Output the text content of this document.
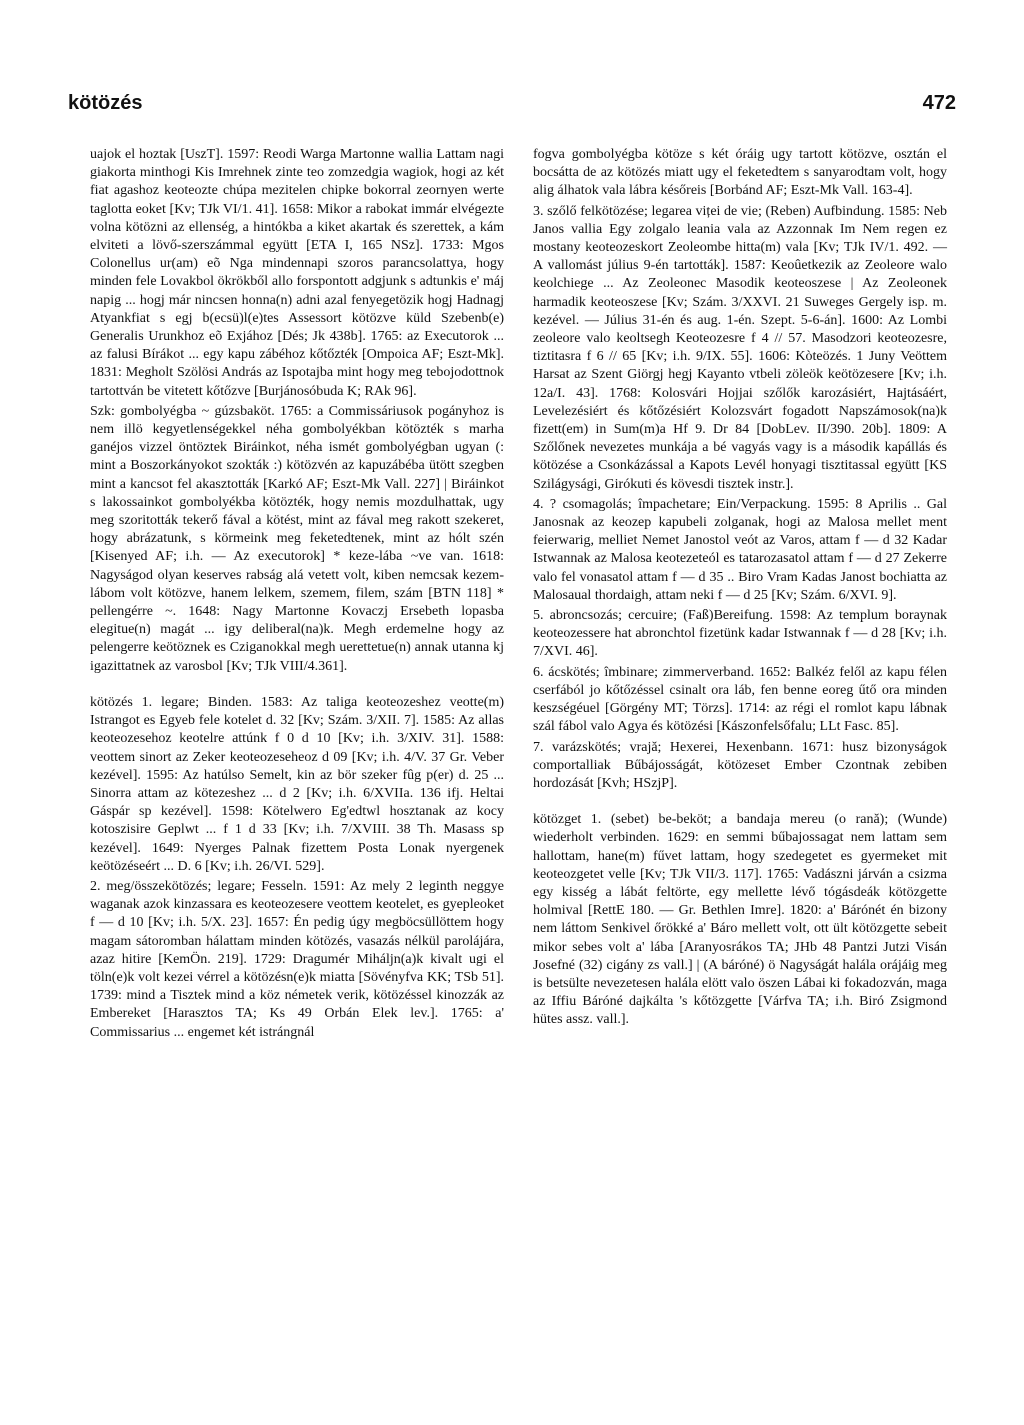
kötözés	472

uajok el hoztak [UszT]. 1597: Reodi Warga Martonne wallia Lattam nagi giakorta minthogi Kis Imrehnek zinte teo zomzedgia wagiok, hogi az két fiat agashoz keoteozte chúpa mezitelen chipke bokorral zeornyen werte taglotta eoket [Kv; TJk VI/1. 41]. 1658: Mikor a rabokat immár elvégezte volna kötözni az ellenség, a hintókba a kiket akartak és szerettek, a kám elviteti a lövő-szerszámmal együtt [ETA I, 165 NSz]. 1733: Mgos Colonellus ur(am) eõ Nga mindennapi szoros parancsolattya, hogy minden fele Lovakbol ökrökből allo forspontott adgjunk s adtunkis e' máj napig ... hogj már nincsen honna(n) adni azal fenyegetözik hogj Hadnagj Atyankfiat s egj b(ecsü)l(e)tes Assessort kötözve küld Szebenb(e) Generalis Urunkhoz eõ Exjához [Dés; Jk 438b]. 1765: az Executorok ... az falusi Bírákot ... egy kapu zábéhoz kőtőzték [Ompoica AF; Eszt-Mk]. 1831: Megholt Szölösi András az Ispotajba mint hogy meg tebojodottnok tartottván be vitetett kőtőzve [Burjánosóbuda K; RAk 96].

Szk: gombolyégba ~ gúzsbaköt. 1765: a Commissáriusok pogányhoz is nem illö kegyetlenségekkel néha gombolyékban kötözték s marha ganéjos vizzel öntöztek Biráinkot, néha ismét gombolyégban ugyan (: mint a Boszorkányokot szokták :) kötözvén az kapuzábéba ütött szegben mint a kancsot fel akasztották [Karkó AF; Eszt-Mk Vall. 227] | Biráinkot s lakossainkot gombolyékba kötözték, hogy nemis mozdulhattak, ugy meg szoritották tekerő fával a kötést, mint az fával meg rakott szekeret, hogy abrázatunk, s körmeink meg feketedtenek, mint az hólt szén [Kisenyed AF; i.h. — Az executorok] * keze-lába ~ve van. 1618: Nagyságod olyan keserves rabság alá vetett volt, kiben nemcsak kezem-lábom volt kötözve, hanem lelkem, szemem, filem, szám [BTN 118] * pellengérre ~. 1648: Nagy Martonne Kovaczj Ersebeth lopasba elegitue(n) magát ... igy deliberal(na)k. Megh erdemelne hogy az pelengerre keötöznek es Cziganokkal megh uerettetue(n) annak utanna kj igazittatnek az varosbol [Kv; TJk VIII/4.361].

kötözés 1. legare; Binden. 1583: Az taliga keoteozeshez veotte(m) Istrangot es Egyeb fele kotelet d. 32 [Kv; Szám. 3/XII. 7]. 1585: Az allas keoteozesehoz keotelre attúnk f 0 d 10 [Kv; i.h. 3/XIV. 31]. 1588: veottem sinort az Zeker keoteozeseheoz d 09 [Kv; i.h. 4/V. 37 Gr. Veber kezével]. 1595: Az hatúlso Semelt, kin az bör szeker fûg p(er) d. 25 ... Sinorra attam az kötezeshez ... d 2 [Kv; i.h. 6/XVIIa. 136 ifj. Heltai Gáspár sp kezével]. 1598: Kötelwero Eg'edtwl hosztanak az kocy kotoszisire Geplwt ... f 1 d 33 [Kv; i.h. 7/XVIII. 38 Th. Masass sp kezével]. 1649: Nyerges Palnak fizettem Posta Lonak nyergenek keötözéseért ... D. 6 [Kv; i.h. 26/VI. 529].

2. meg/összekötözés; legare; Fesseln. 1591: Az mely 2 leginth neggye waganak azok kinzassara es keoteozesere veottem keotelet, es gyepleoket f — d 10 [Kv; i.h. 5/X. 23]. 1657: Én pedig úgy megböcsüllöttem hogy magam sátoromban hálattam minden kötözés, vasazás nélkül parolájára, azaz hitire [KemÖn. 219]. 1729: Dragumér Mihálјn(a)k kivalt ugi el töln(e)k volt kezei vérrel a kötözésn(e)k miatta [Sövényfva KK; TSb 51]. 1739: mind a Tisztek mind a köz németek verik, kötözéssel kinozzák az Embereket [Harasztos TA; Ks 49 Orbán Elek lev.]. 1765: a' Commissarius ... engemet két istrángnál

fogva gombolyégba kötöze s két óráig ugy tartott kötözve, osztán el bocsátta de az kötözés miatt ugy el feketedtem s sanyarodtam volt, hogy alig álhatok vala lábra későreis [Borbánd AF; Eszt-Mk Vall. 163-4].

3. szőlő felkötözése; legarea viței de vie; (Reben) Aufbindung. 1585: Neb Janos vallia Egy zolgalo leania vala az Azzonnak Im Nem regen ez mostany keoteozeskort Zeoleombe hitta(m) vala [Kv; TJk IV/1. 492. — A vallomást július 9-én tartották]. 1587: Keoûetkezik az Zeoleore walo keolchiege ... Az Zeoleonec Masodik keoteoszese | Az Zeoleonek harmadik keoteoszese [Kv; Szám. 3/XXVI. 21 Suweges Gergely isp. m. kezével. — Július 31-én és aug. 1-én. Szept. 5-6-án]. 1600: Az Lombi zeoleore valo keoltsegh Keoteozesre f 4 // 57. Masodzori keoteozesre, tiztitasra f 6 // 65 [Kv; i.h. 9/IX. 55]. 1606: Kòteözés. 1 Juny Veöttem Harsat az Szent Giörgj hegj Kayanto vtbeli zöleök keötözesere [Kv; i.h. 12a/I. 43]. 1768: Kolosvári Hojjai szőlők karozásiért, Hajtásáért, Levelezésiért és kőtőzésiért Kolozsvárt fogadott Napszámosok(na)k fizett(em) in Sum(m)a Hf 9. Dr 84 [DobLev. II/390. 20b]. 1809: A Szőlőnek nevezetes munkája a bé vagyás vagy is a második kapállás és kötözése a Csonkázással a Kapots Levél honyagi tisztitassal együtt [KS Szilágysági, Girókuti és kövesdi tisztek instr.].

4. ? csomagolás; împachetare; Ein/Verpackung. 1595: 8 Aprilis .. Gal Janosnak az keozep kapubeli zolganak, hogi az Malosa mellet ment feierwarig, melliet Nemet Janostol veót az Varos, attam f — d 32 Kadar Istwannak az Malosa keotezeteól es tatarozasatol attam f — d 27 Zekerre valo fel vonasatol attam f — d 35 .. Biro Vram Kadas Janost bochiatta az Malosaual thordaigh, attam neki f — d 25 [Kv; Szám. 6/XVI. 9].

5. abroncsozás; cercuire; (Faß)Bereifung. 1598: Az templum boraynak keoteozessere hat abronchtol fizetünk kadar Istwannak f — d 28 [Kv; i.h. 7/XVI. 46].

6. ácskötés; îmbinare; zimmerverband. 1652: Balkéz felől az kapu félen cserfából jo kőtőzéssel csinalt ora láb, fen benne eoreg űtő ora minden keszségéuel [Görgény MT; Törzs]. 1714: az régi el romlot kapu lábnak szál fábol valo Agya és kötözési [Kászonfelsőfalu; LLt Fasc. 85].

7. varázskötés; vrajă; Hexerei, Hexenbann. 1671: husz bizonyságok comportalliak Bűbájosságát, kötözeset Ember Czontnak zebiben hordozását [Kvh; HSzjP].

kötözget 1. (sebet) be-beköt; a bandaja mereu (o rană); (Wunde) wiederholt verbinden. 1629: en semmi bűbajossagat nem lattam sem hallottam, hane(m) fűvet lattam, hogy szedegetet es gyermeket mit keoteozgetet velle [Kv; TJk VII/3. 117]. 1765: Vadászni járván a csizma egy kisség a lábát feltörte, egy mellette lévő tógásdeák kötözgette holmival [RettE 180. — Gr. Bethlen Imre]. 1820: a' Bárónét én bizony nem láttom Senkivel őrökké a' Báro mellett volt, ott ült kötözgette sebeit mikor sebes volt a' lába [Aranyosrákos TA; JHb 48 Pantzi Jutzi Visán Josefné (32) cigány zs vall.] | (A báróné) ö Nagyságát halála orájáig meg is betsülte nevezetesen halála elött valo öszen Lábai ki fokadozván, maga az Iffiu Báróné dajkálta 's kőtözgette [Várfva TA; i.h. Biró Zsigmond hütes assz. vall.].
